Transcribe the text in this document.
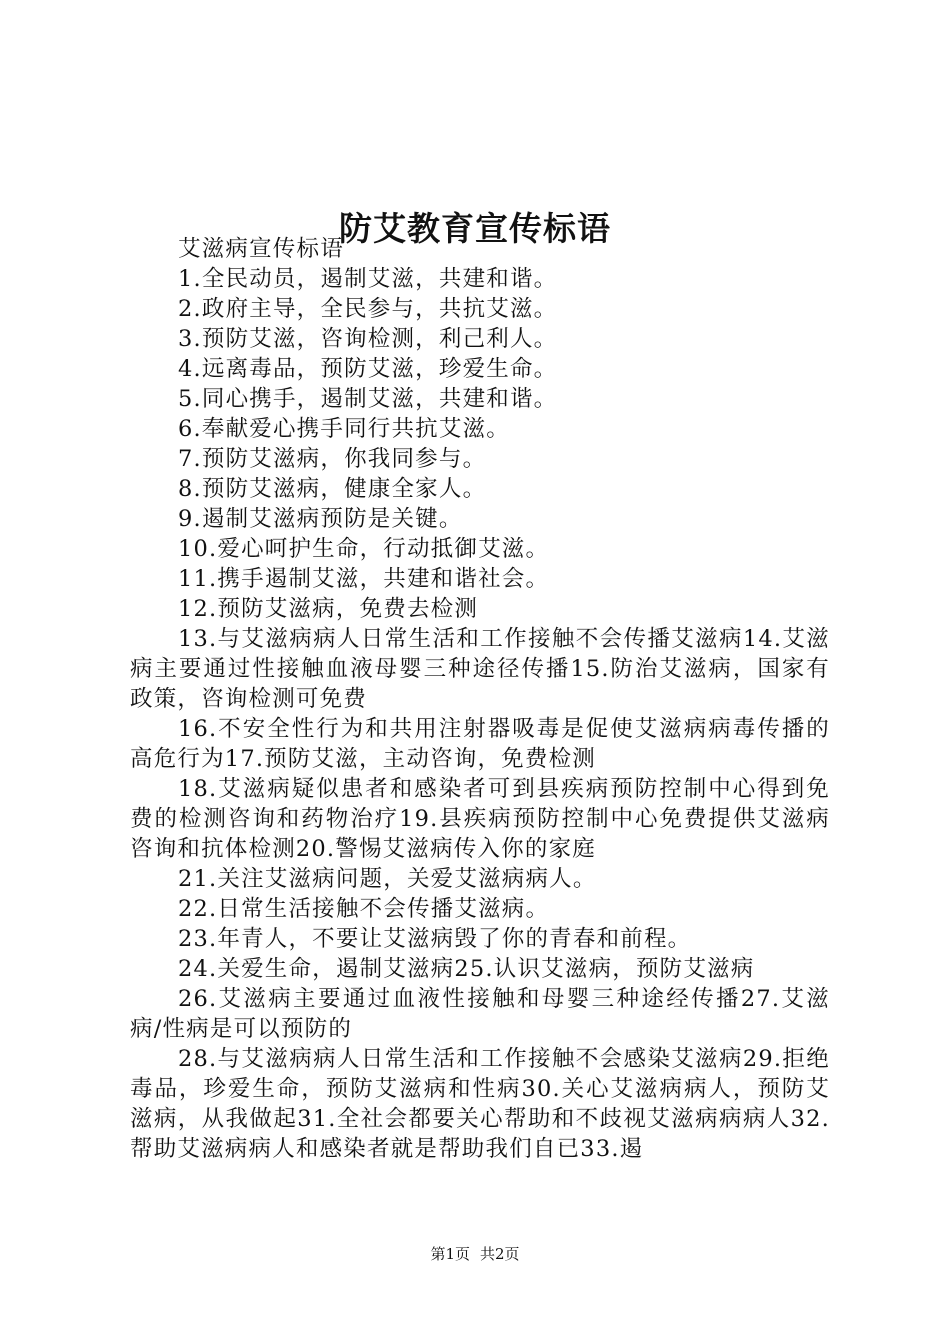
防艾教育宣传标语

艾滋病宣传标语

1.全民动员，遏制艾滋，共建和谐。

2.政府主导，全民参与，共抗艾滋。

3.预防艾滋，咨询检测，利己利人。

4.远离毒品，预防艾滋，珍爱生命。

5.同心携手，遏制艾滋，共建和谐。

6.奉献爱心携手同行共抗艾滋。

7.预防艾滋病，你我同参与。

8.预防艾滋病，健康全家人。

9.遏制艾滋病预防是关键。

10.爱心呵护生命，行动抵御艾滋。

11.携手遏制艾滋，共建和谐社会。

12.预防艾滋病，免费去检测

13.与艾滋病病人日常生活和工作接触不会传播艾滋病14.艾滋病主要通过性接触血液母婴三种途径传播15.防治艾滋病，国家有政策，咨询检测可免费

16.不安全性行为和共用注射器吸毒是促使艾滋病病毒传播的高危行为17.预防艾滋，主动咨询，免费检测

18.艾滋病疑似患者和感染者可到县疾病预防控制中心得到免费的检测咨询和药物治疗19.县疾病预防控制中心免费提供艾滋病咨询和抗体检测20.警惕艾滋病传入你的家庭

21.关注艾滋病问题，关爱艾滋病病人。

22.日常生活接触不会传播艾滋病。

23.年青人，不要让艾滋病毁了你的青春和前程。

24.关爱生命，遏制艾滋病25.认识艾滋病，预防艾滋病

26.艾滋病主要通过血液性接触和母婴三种途经传播27.艾滋病/性病是可以预防的

28.与艾滋病病人日常生活和工作接触不会感染艾滋病29.拒绝毒品，珍爱生命，预防艾滋病和性病30.关心艾滋病病人，预防艾滋病，从我做起31.全社会都要关心帮助和不歧视艾滋病病病人32.帮助艾滋病病人和感染者就是帮助我们自已33.遏

第1页 共2页
